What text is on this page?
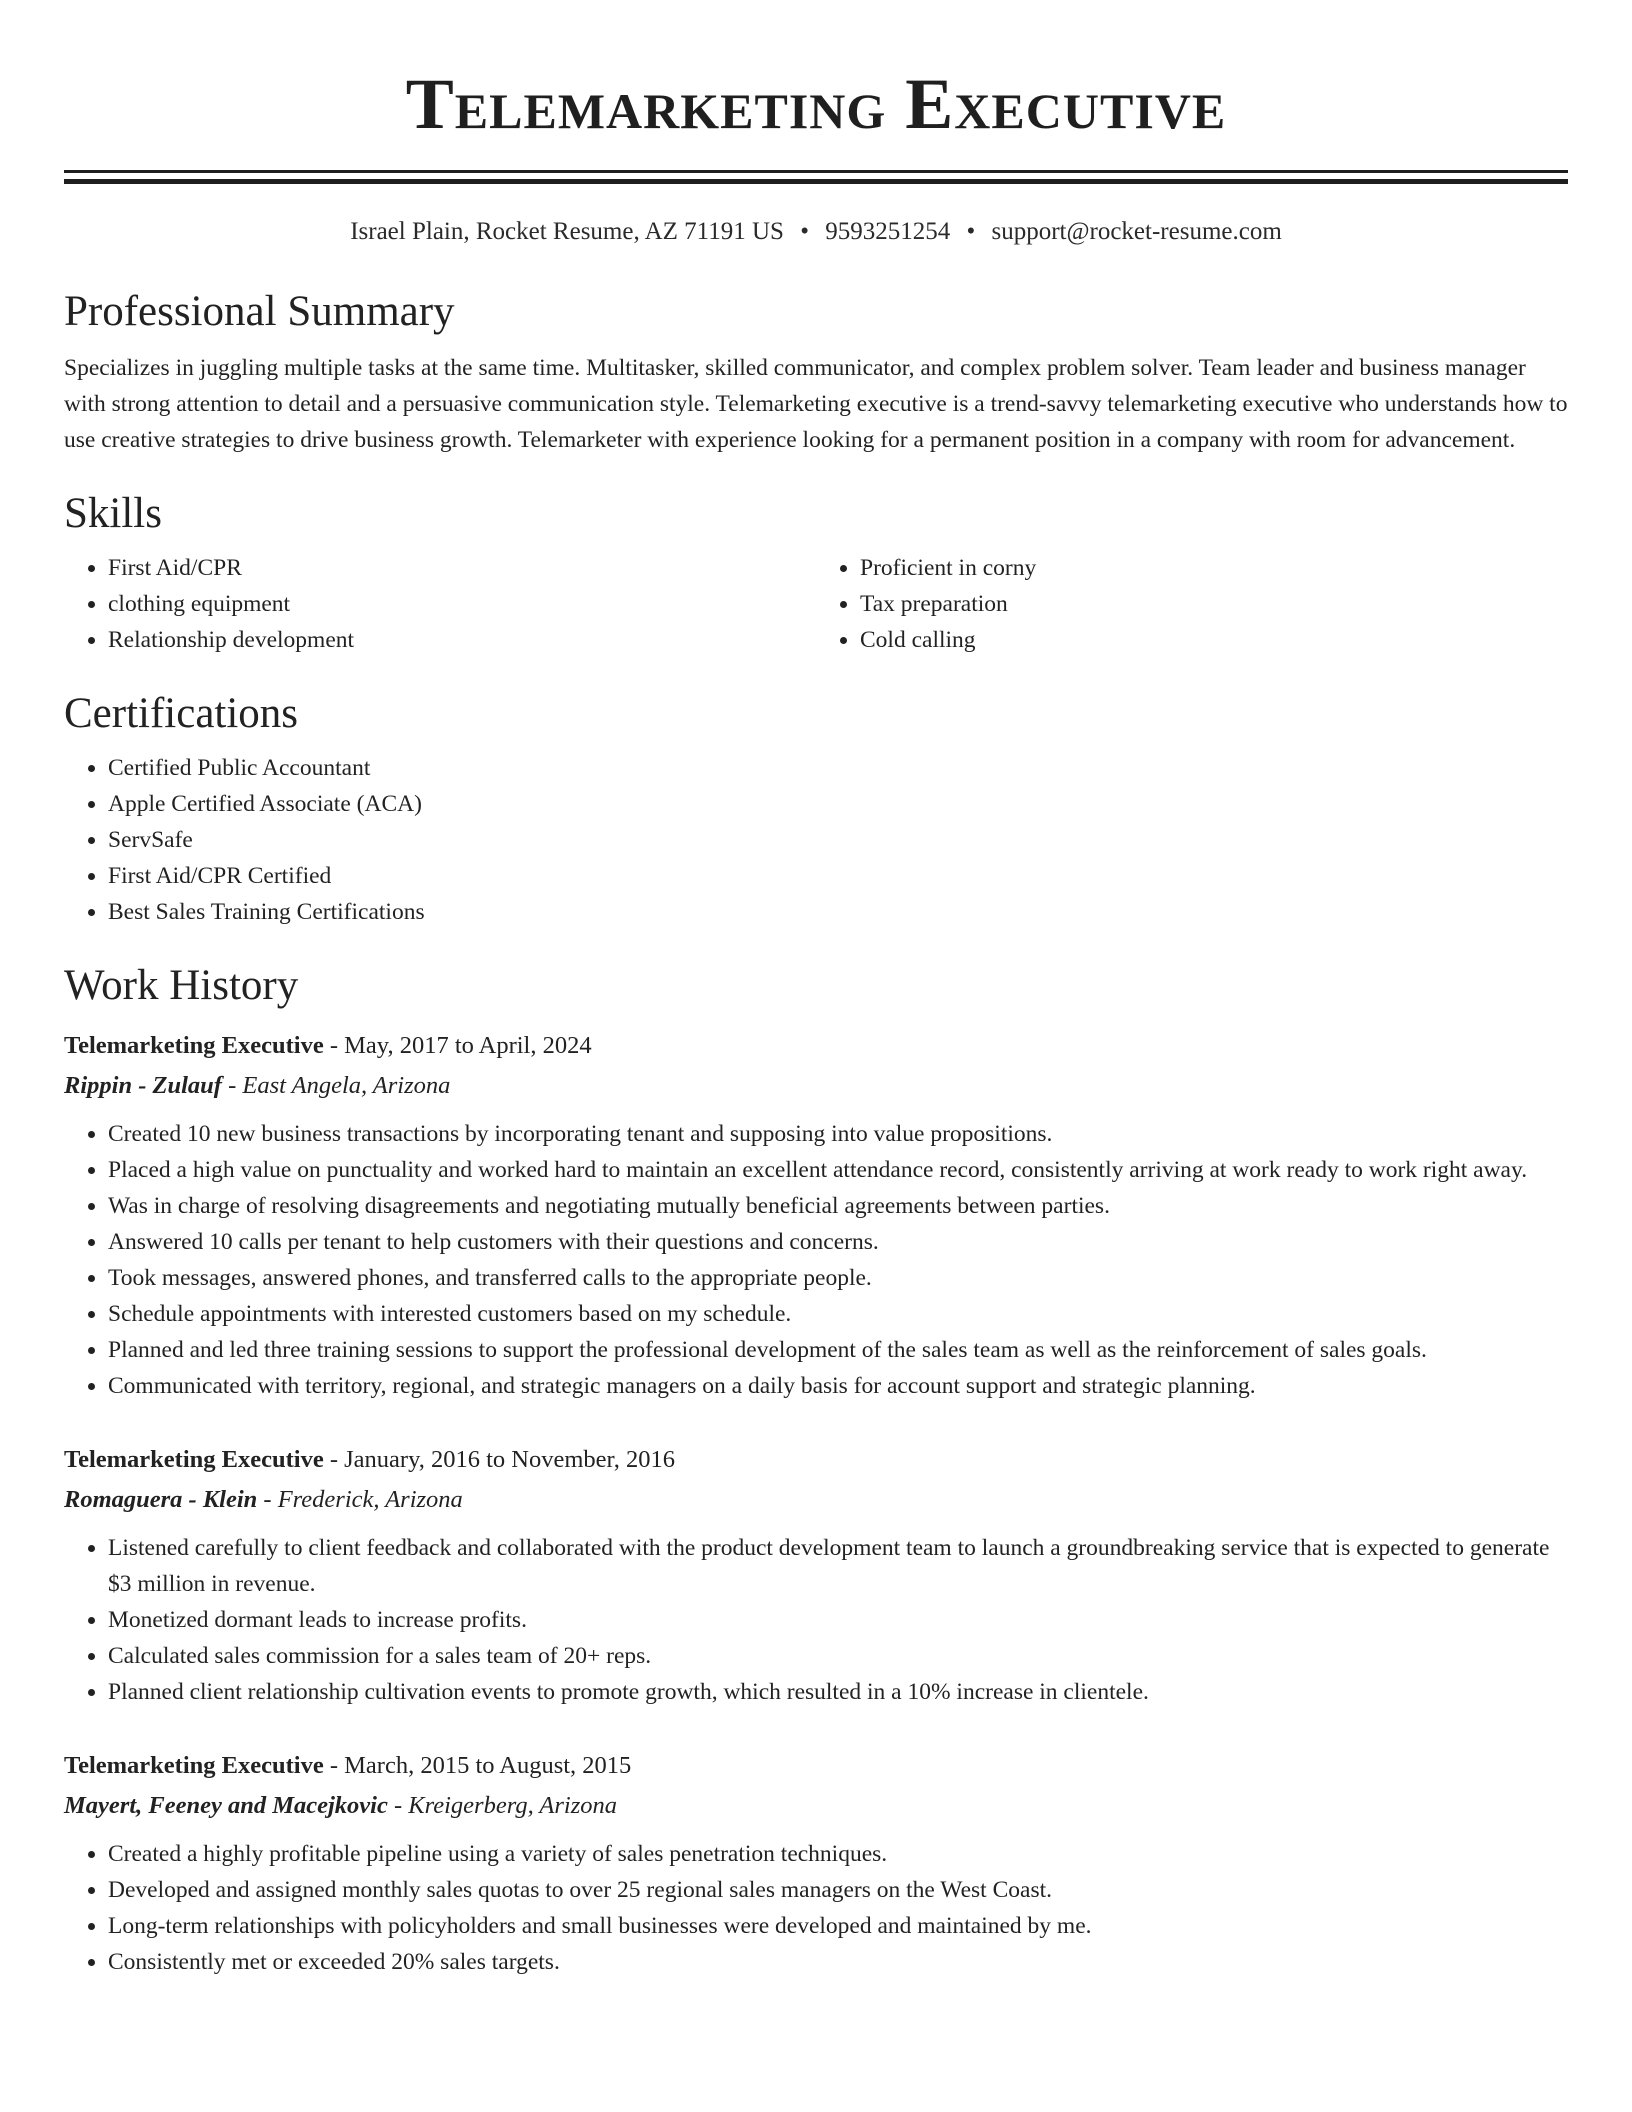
Telemarketing Executive
Israel Plain, Rocket Resume, AZ 71191 US • 9593251254 • support@rocket-resume.com
Professional Summary

Specializes in juggling multiple tasks at the same time. Multitasker, skilled communicator, and complex problem solver. Team leader and business manager with strong attention to detail and a persuasive communication style. Telemarketing executive is a trend-savvy telemarketing executive who understands how to use creative strategies to drive business growth. Telemarketer with experience looking for a permanent position in a company with room for advancement.

Skills
• First Aid/CPR
• clothing equipment
• Relationship development
• Proficient in corny
• Tax preparation
• Cold calling
Certifications
• Certified Public Accountant
• Apple Certified Associate (ACA)
• ServSafe
• First Aid/CPR Certified
• Best Sales Training Certifications
Work History
Telemarketing Executive - May, 2017 to April, 2024
Rippin - Zulauf - East Angela, Arizona
• Created 10 new business transactions by incorporating tenant and supposing into value propositions.
• Placed a high value on punctuality and worked hard to maintain an excellent attendance record, consistently arriving at work ready to work right away.
• Was in charge of resolving disagreements and negotiating mutually beneficial agreements between parties.
• Answered 10 calls per tenant to help customers with their questions and concerns.
• Took messages, answered phones, and transferred calls to the appropriate people.
• Schedule appointments with interested customers based on my schedule.
• Planned and led three training sessions to support the professional development of the sales team as well as the reinforcement of sales goals.
• Communicated with territory, regional, and strategic managers on a daily basis for account support and strategic planning.
Telemarketing Executive - January, 2016 to November, 2016
Romaguera - Klein - Frederick, Arizona
• Listened carefully to client feedback and collaborated with the product development team to launch a groundbreaking service that is expected to generate $3 million in revenue.
• Monetized dormant leads to increase profits.
• Calculated sales commission for a sales team of 20+ reps.
• Planned client relationship cultivation events to promote growth, which resulted in a 10% increase in clientele.
Telemarketing Executive - March, 2015 to August, 2015
Mayert, Feeney and Macejkovic - Kreigerberg, Arizona
• Created a highly profitable pipeline using a variety of sales penetration techniques.
• Developed and assigned monthly sales quotas to over 25 regional sales managers on the West Coast.
• Long-term relationships with policyholders and small businesses were developed and maintained by me.
• Consistently met or exceeded 20% sales targets.
